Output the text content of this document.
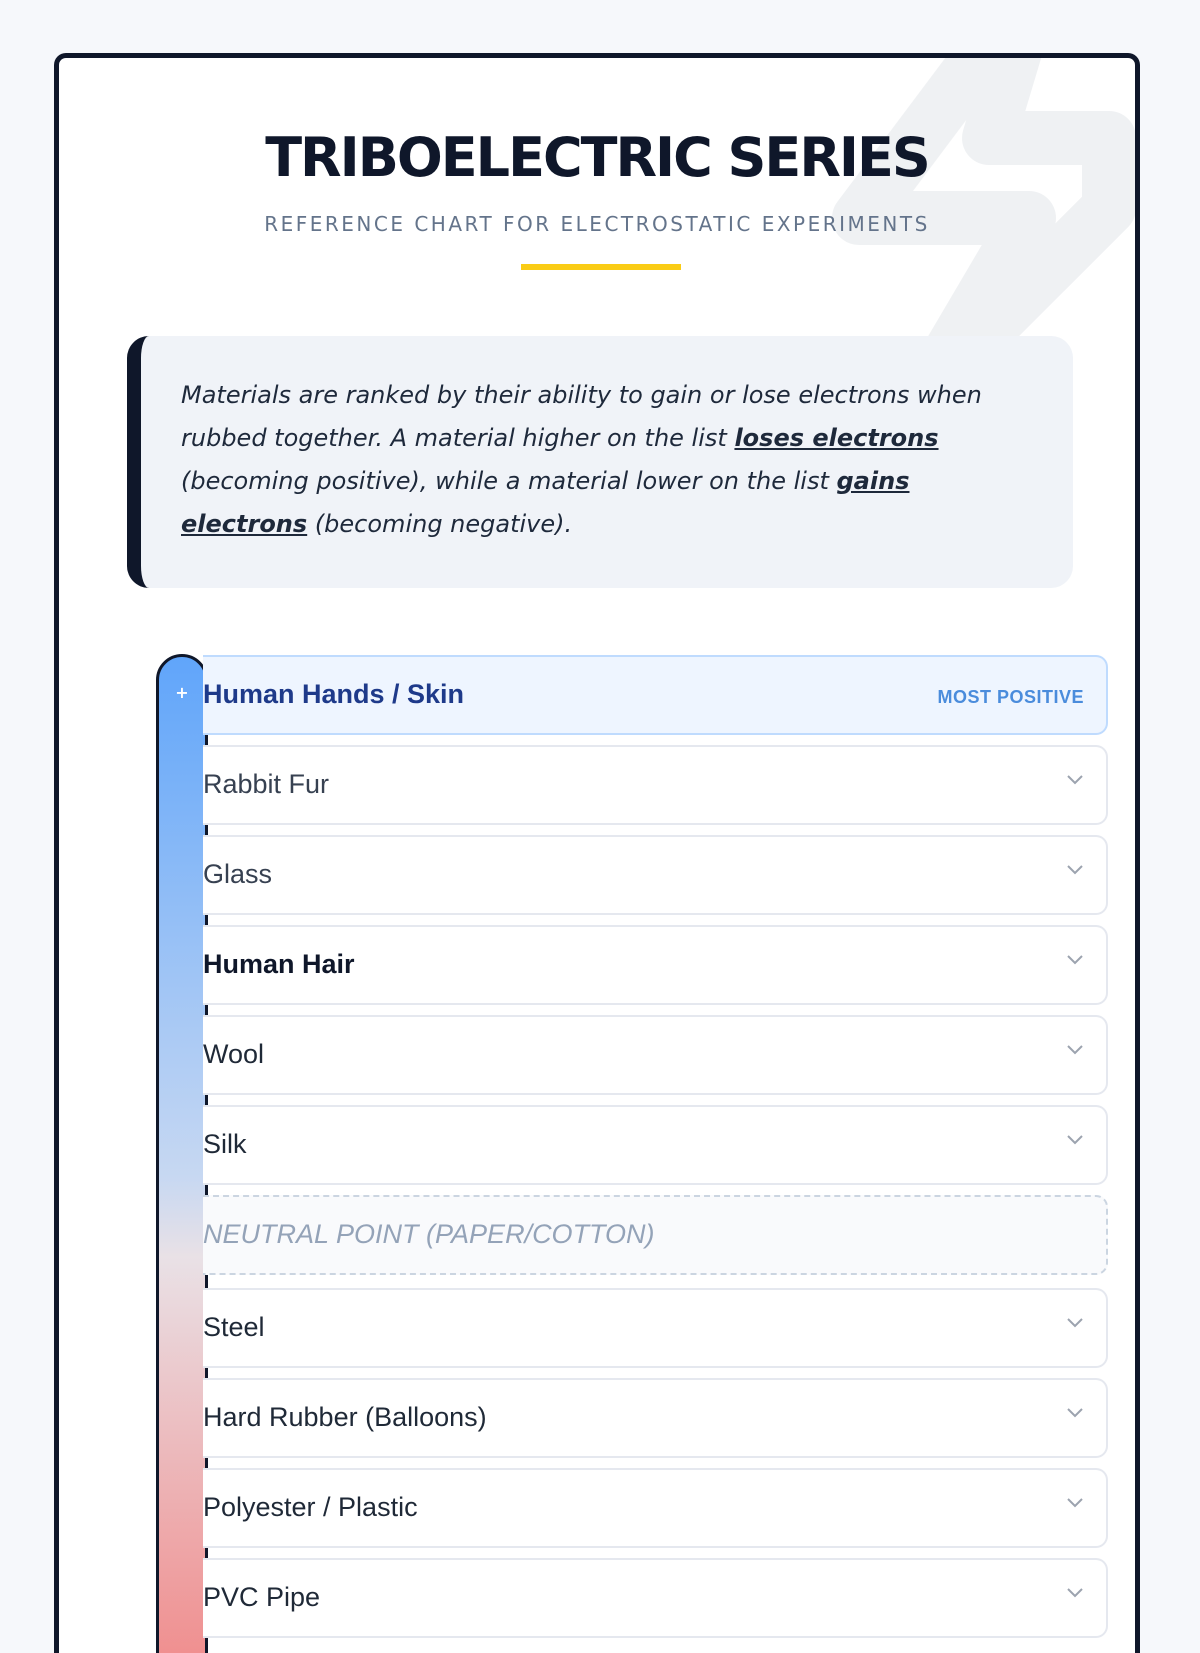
TRIBOELECTRIC SERIES
REFERENCE CHART FOR ELECTROSTATIC EXPERIMENTS
Materials are ranked by their ability to gain or lose electrons when rubbed together. A material higher on the list loses electrons (becoming positive), while a material lower on the list gains electrons (becoming negative).
+ Human Hands / Skin	MOST POSITIVE
Rabbit Fur
Glass
Human Hair
Wool
Silk
NEUTRAL POINT (PAPER/COTTON)
Steel
Hard Rubber (Balloons)
Polyester / Plastic
PVC Pipe
